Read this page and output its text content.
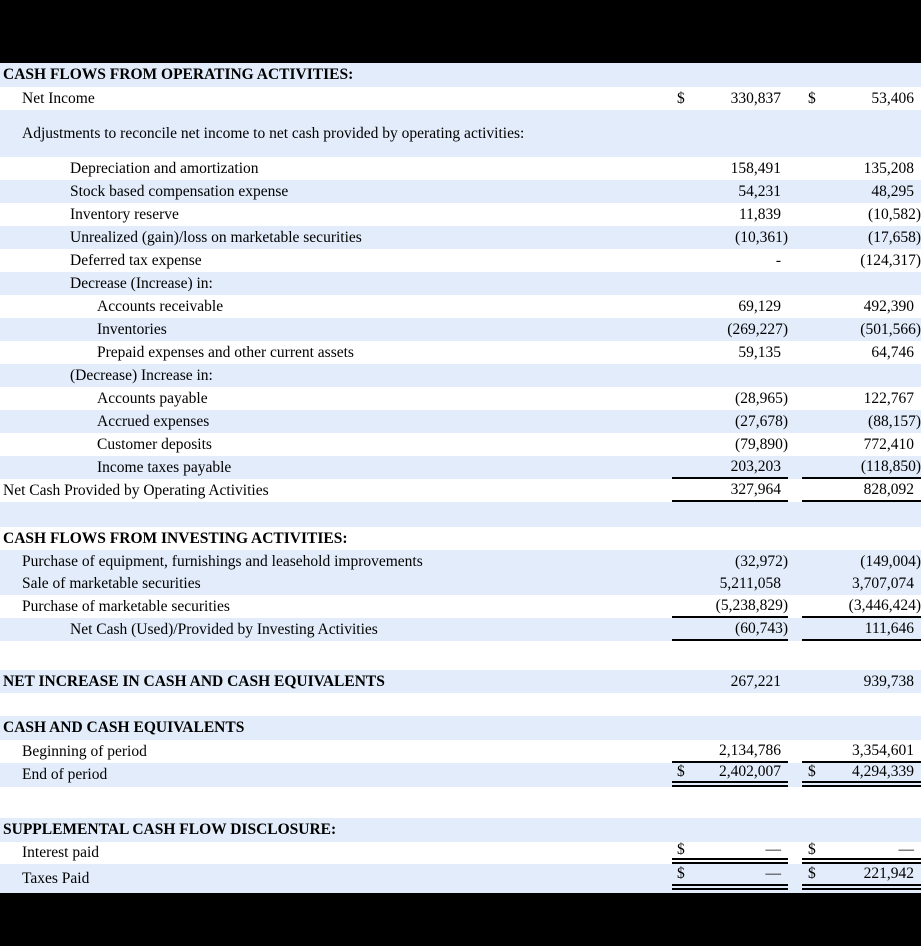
CASH FLOWS FROM OPERATING ACTIVITIES:
Net Income	$	330,837	$	53,406
Adjustments to reconcile net income to net cash provided by operating activities:
Depreciation and amortization	158,491	135,208
Stock based compensation expense	54,231	48,295
Inventory reserve	11,839	(10,582)
Unrealized (gain)/loss on marketable securities	(10,361)	(17,658)
Deferred tax expense	-	(124,317)
Decrease (Increase) in:
Accounts receivable	69,129	492,390
Inventories	(269,227)	(501,566)
Prepaid expenses and other current assets	59,135	64,746
(Decrease) Increase in:
Accounts payable	(28,965)	122,767
Accrued expenses	(27,678)	(88,157)
Customer deposits	(79,890)	772,410
Income taxes payable	203,203	(118,850)
Net Cash Provided by Operating Activities	327,964	828,092
CASH FLOWS FROM INVESTING ACTIVITIES:
Purchase of equipment, furnishings and leasehold improvements	(32,972)	(149,004)
Sale of marketable securities	5,211,058	3,707,074
Purchase of marketable securities	(5,238,829)	(3,446,424)
Net Cash (Used)/Provided by Investing Activities	(60,743)	111,646
NET INCREASE IN CASH AND CASH EQUIVALENTS	267,221	939,738
CASH AND CASH EQUIVALENTS
Beginning of period	2,134,786	3,354,601
End of period	$ 2,402,007	$ 4,294,339
SUPPLEMENTAL CASH FLOW DISCLOSURE:
Interest paid	$	—	$	—
Taxes Paid	$	—	$	221,942
